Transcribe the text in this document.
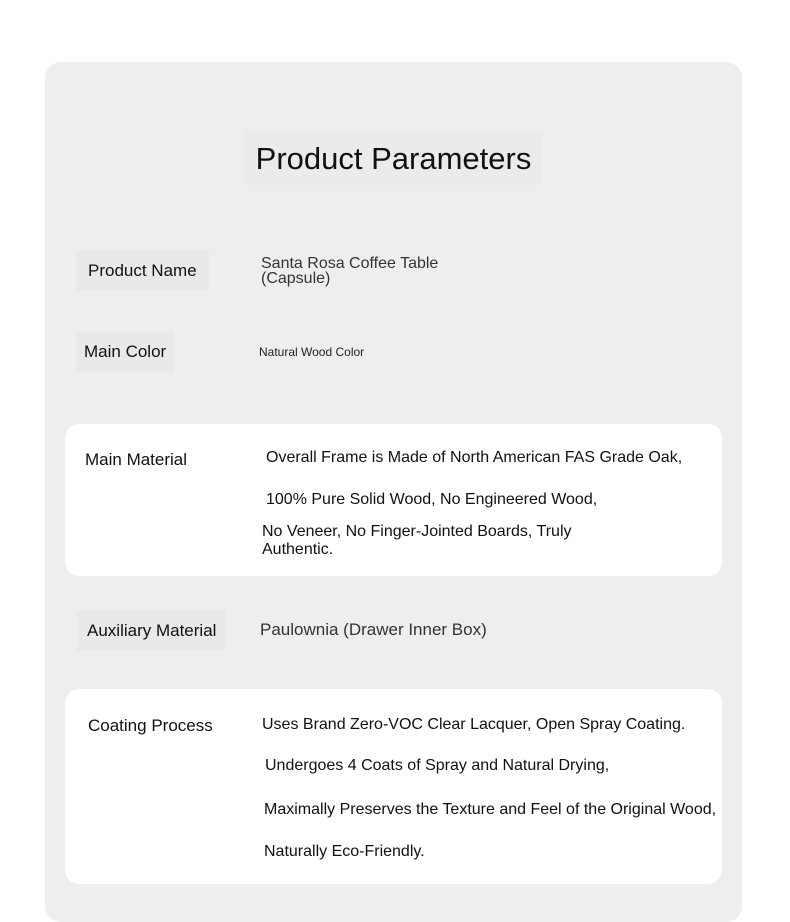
Product Parameters
Product Name	Santa Rosa Coffee Table
(Capsule)
Main Color	Natural Wood Color
Main Material	Overall Frame is Made of North American FAS Grade Oak,
100% Pure Solid Wood, No Engineered Wood,
No Veneer, No Finger-Jointed Boards, Truly
Authentic.
Auxiliary Material	Paulownia (Drawer Inner Box)
Coating Process	Uses Brand Zero-VOC Clear Lacquer, Open Spray Coating.
Undergoes 4 Coats of Spray and Natural Drying,
Maximally Preserves the Texture and Feel of the Original Wood,
Naturally Eco-Friendly.
